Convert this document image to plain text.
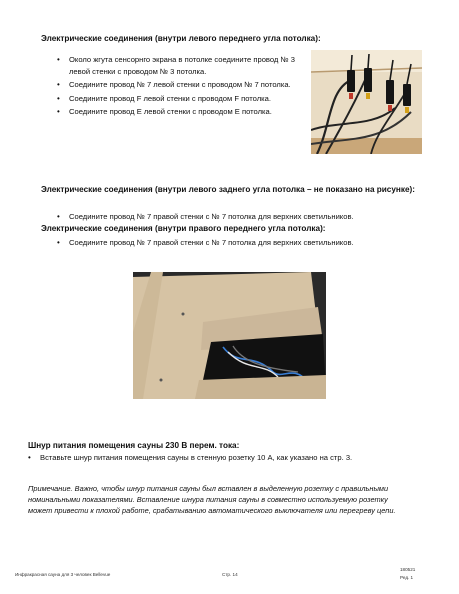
Электрические соединения (внутри левого переднего угла потолка):
• Около жгута сенсорнго экрана в потолке соедините провод № 3 левой стенки с проводом № 3 потолка.
• Соедините провод № 7 левой стенки с проводом № 7 потолка.
• Соедините провод F левой стенки с проводом F потолка.
• Соедините провод E левой стенки с проводом E потолка.
Электрические соединения (внутри левого заднего угла потолка – не показано на рисунке):
• Соедините провод № 7 правой стенки с № 7 потолка для верхних светильников.
Электрические соединения (внутри правого переднего угла потолка):
• Соедините провод № 7 правой стенки с № 7 потолка для верхних светильников.
Шнур питания помещения сауны 230 В перем. тока:
• Вставьте шнур питания помещения сауны в стенную розетку 10 А, как указано на стр. 3.
Примечание. Важно, чтобы шнур питания сауны был вставлен в выделенную розетку с правильными номинальными показателями. Вставление шнура питания сауны в совместно используемую розетку может привести к плохой работе, срабатыванию автоматического выключателя или перегреву цепи.
Инфракрасная сауна для 3 человек Bellevue	Стр. 14
180521
Ред. 1
